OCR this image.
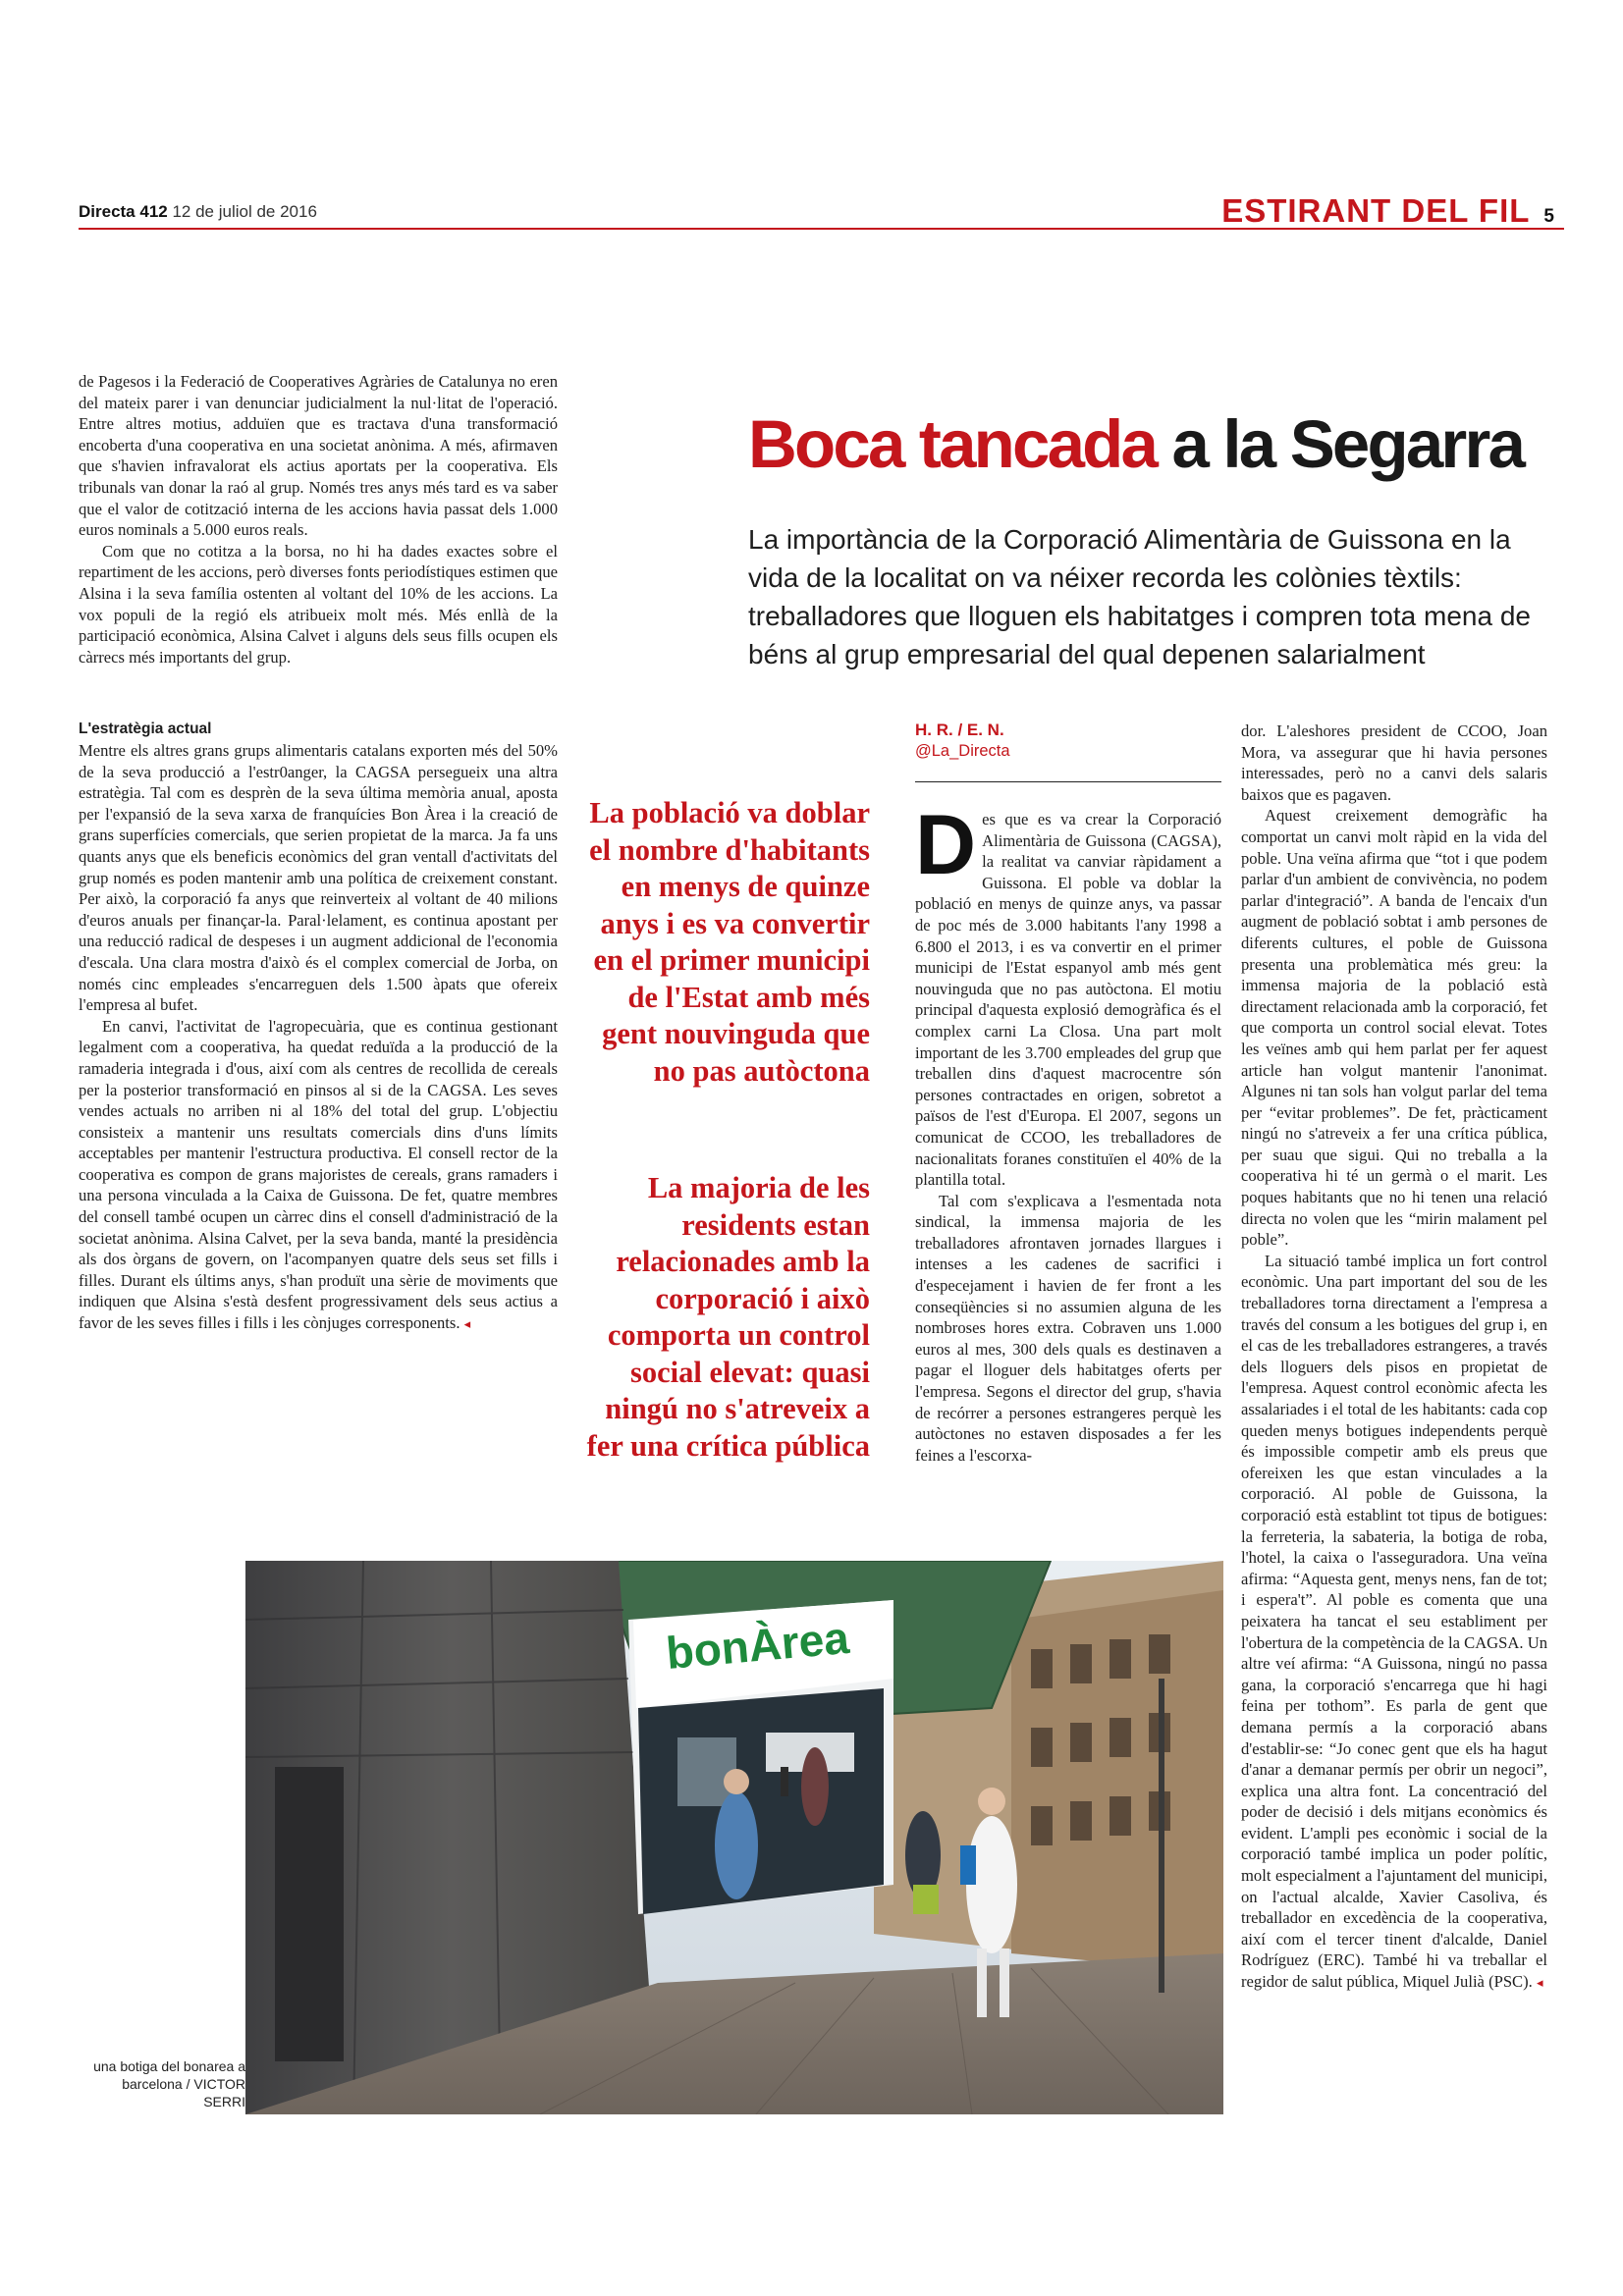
Directa 412 12 de juliol de 2016	ESTIRANT DEL FIL 5

de Pagesos i la Federació de Cooperatives Agràries de Catalunya no eren del mateix parer i van denunciar judicialment la nul·litat de l'operació. Entre altres motius, adduïen que es tractava d'una transformació encoberta d'una cooperativa en una societat anònima. A més, afirmaven que s'havien infravalorat els actius aportats per la cooperativa. Els tribunals van donar la raó al grup. Només tres anys més tard es va saber que el valor de cotització interna de les accions havia passat dels 1.000 euros nominals a 5.000 euros reals.

Com que no cotitza a la borsa, no hi ha dades exactes sobre el repartiment de les accions, però diverses fonts periodístiques estimen que Alsina i la seva família ostenten al voltant del 10% de les accions. La vox populi de la regió els atribueix molt més. Més enllà de la participació econòmica, Alsina Calvet i alguns dels seus fills ocupen els càrrecs més importants del grup.

Boca tancada a la Segarra

La importància de la Corporació Alimentària de Guissona en la vida de la localitat on va néixer recorda les colònies tèxtils: treballadores que lloguen els habitatges i compren tota mena de béns al grup empresarial del qual depenen salarialment

L'estratègia actual

Mentre els altres grans grups alimentaris catalans exporten més del 50% de la seva producció a l'estr0anger, la CAGSA persegueix una altra estratègia. Tal com es desprèn de la seva última memòria anual, aposta per l'expansió de la seva xarxa de franquícies Bon Àrea i la creació de grans superfícies comercials, que serien propietat de la marca. Ja fa uns quants anys que els beneficis econòmics del gran ventall d'activitats del grup només es poden mantenir amb una política de creixement constant. Per això, la corporació fa anys que reinverteix al voltant de 40 milions d'euros anuals per finançar-la. Paral·lelament, es continua apostant per una reducció radical de despeses i un augment addicional de l'economia d'escala. Una clara mostra d'això és el complex comercial de Jorba, on només cinc empleades s'encarreguen dels 1.500 àpats que ofereix l'empresa al bufet.

En canvi, l'activitat de l'agropecuària, que es continua gestionant legalment com a cooperativa, ha quedat reduïda a la producció de la ramaderia integrada i d'ous, així com als centres de recollida de cereals per la posterior transformació en pinsos al si de la CAGSA. Les seves vendes actuals no arriben ni al 18% del total del grup. L'objectiu consisteix a mantenir uns resultats comercials dins d'uns límits acceptables per mantenir l'estructura productiva. El consell rector de la cooperativa es compon de grans majoristes de cereals, grans ramaders i una persona vinculada a la Caixa de Guissona. De fet, quatre membres del consell també ocupen un càrrec dins el consell d'administració de la societat anònima. Alsina Calvet, per la seva banda, manté la presidència als dos òrgans de govern, on l'acompanyen quatre dels seus set fills i filles. Durant els últims anys, s'han produït una sèrie de moviments que indiquen que Alsina s'està desfent progressivament dels seus actius a favor de les seves filles i fills i les cònjuges corresponents. ◂

La població va doblar el nombre d'habitants en menys de quinze anys i es va convertir en el primer municipi de l'Estat amb més gent nouvinguda que no pas autòctona

La majoria de les residents estan relacionades amb la corporació i això comporta un control social elevat: quasi ningú no s'atreveix a fer una crítica pública

H. R. / E. N.
@La_Directa

Des que es va crear la Corporació Alimentària de Guissona (CAGSA), la realitat va canviar ràpidament a Guissona. El poble va doblar la població en menys de quinze anys, va passar de poc més de 3.000 habitants l'any 1998 a 6.800 el 2013, i es va convertir en el primer municipi de l'Estat espanyol amb més gent nouvinguda que no pas autòctona. El motiu principal d'aquesta explosió demogràfica és el complex carni La Closa. Una part molt important de les 3.700 empleades del grup que treballen dins d'aquest macrocentre són persones contractades en origen, sobretot a països de l'est d'Europa. El 2007, segons un comunicat de CCOO, les treballadores de nacionalitats foranes constituïen el 40% de la plantilla total.

Tal com s'explicava a l'esmentada nota sindical, la immensa majoria de les treballadores afrontaven jornades llargues i intenses a les cadenes de sacrifici i d'especejament i havien de fer front a les conseqüències si no assumien alguna de les nombroses hores extra. Cobraven uns 1.000 euros al mes, 300 dels quals es destinaven a pagar el lloguer dels habitatges oferts per l'empresa. Segons el director del grup, s'havia de recórrer a persones estrangeres perquè les autòctones no estaven disposades a fer les feines a l'escorxa-

dor. L'aleshores president de CCOO, Joan Mora, va assegurar que hi havia persones interessades, però no a canvi dels salaris baixos que es pagaven.

Aquest creixement demogràfic ha comportat un canvi molt ràpid en la vida del poble. Una veïna afirma que “tot i que podem parlar d'un ambient de convivència, no podem parlar d'integració”. A banda de l'encaix d'un augment de població sobtat i amb persones de diferents cultures, el poble de Guissona presenta una problemàtica més greu: la immensa majoria de la població està directament relacionada amb la corporació, fet que comporta un control social elevat. Totes les veïnes amb qui hem parlat per fer aquest article han volgut mantenir l'anonimat. Algunes ni tan sols han volgut parlar del tema per “evitar problemes”. De fet, pràcticament ningú no s'atreveix a fer una crítica pública, per suau que sigui. Qui no treballa a la cooperativa hi té un germà o el marit. Les poques habitants que no hi tenen una relació directa no volen que les “mirin malament pel poble”.

La situació també implica un fort control econòmic. Una part important del sou de les treballadores torna directament a l'empresa a través del consum a les botigues del grup i, en el cas de les treballadores estrangeres, a través dels lloguers dels pisos en propietat de l'empresa. Aquest control econòmic afecta les assalariades i el total de les habitants: cada cop queden menys botigues independents perquè és impossible competir amb els preus que ofereixen les que estan vinculades a la corporació. Al poble de Guissona, la corporació està establint tot tipus de botigues: la ferreteria, la sabateria, la botiga de roba, l'hotel, la caixa o l'asseguradora. Una veïna afirma: “Aquesta gent, menys nens, fan de tot; i espera't”. Al poble es comenta que una peixatera ha tancat el seu establiment per l'obertura de la competència de la CAGSA. Un altre veí afirma: “A Guissona, ningú no passa gana, la corporació s'encarrega que hi hagi feina per tothom”. Es parla de gent que demana permís a la corporació abans d'establir-se: “Jo conec gent que els ha hagut d'anar a demanar permís per obrir un negoci”, explica una altra font. La concentració del poder de decisió i dels mitjans econòmics és evident. L'ampli pes econòmic i social de la corporació també implica un poder polític, molt especialment a l'ajuntament del municipi, on l'actual alcalde, Xavier Casoliva, és treballador en excedència de la cooperativa, així com el tercer tinent d'alcalde, Daniel Rodríguez (ERC). També hi va treballar el regidor de salut pública, Miquel Julià (PSC). ◂

bonÀrea
una botiga del bonarea a barcelona / VICTOR SERRI
